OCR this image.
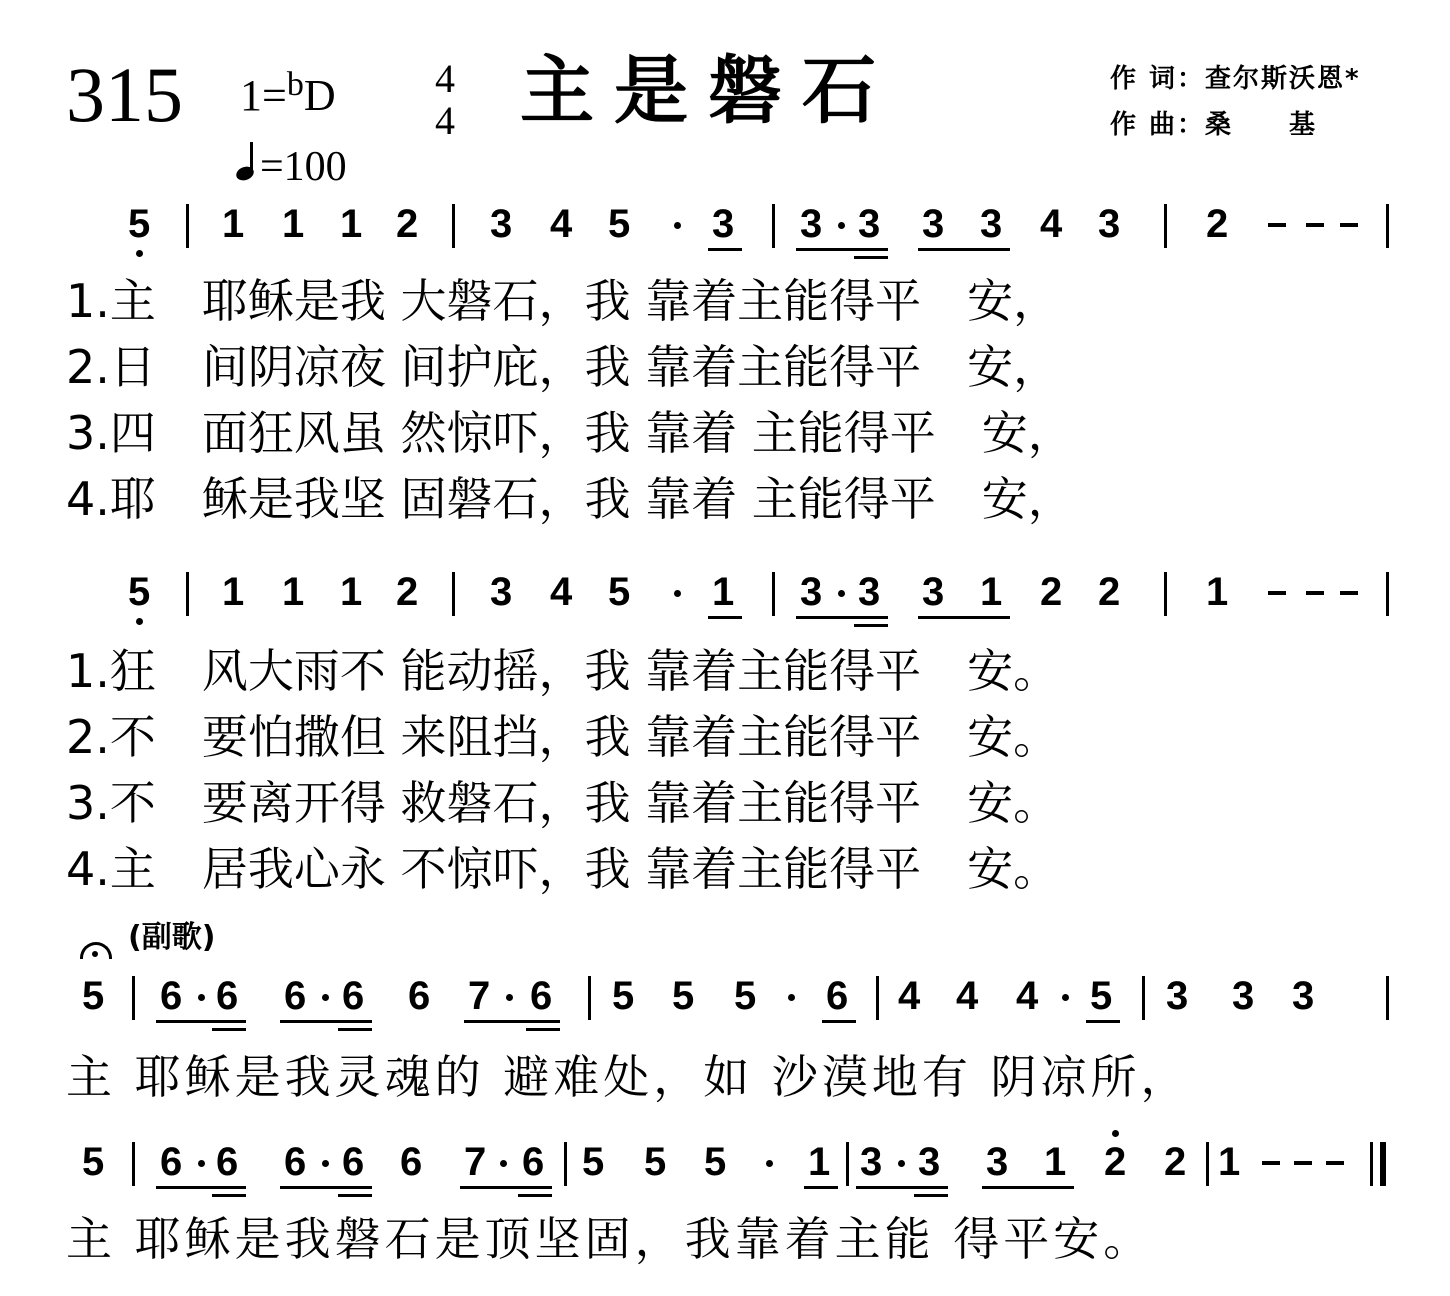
315 1=$^b$D
=100
4
4 主是磐石	作 词：查尔斯沃恩*
作 曲：桑　　基
5 1 1 1 2 3 4 5 3 3 3 3 3 4 3 2
1.主　耶稣是我 大磐石，我 靠着主能得平　安，
2.日　间阴凉夜 间护庇，我 靠着主能得平　安，
3.四　面狂风虽 然惊吓，我 靠着 主能得平　安，
4.耶　稣是我坚 固磐石，我 靠着 主能得平　安，
5 1 1 1 2 3 4 5 1 3 3 3 1 2 2 1
1.狂　风大雨不 能动摇，我 靠着主能得平　安。
2.不　要怕撒但 来阻挡，我 靠着主能得平　安。
3.不　要离开得 救磐石，我 靠着主能得平　安。
4.主　居我心永 不惊吓，我 靠着主能得平　安。
(副歌)
5 6 6 6 6 6 7 6 5 5 5 6 4 4 4 5 3 3 3
主 耶稣是我灵魂的 避难处，如 沙漠地有 阴凉所，
5 6 6 6 6 6 7 6 5 5 5 1 3 3 3 1 2 2 1
主 耶稣是我磐石是顶坚固，我靠着主能 得平安。
